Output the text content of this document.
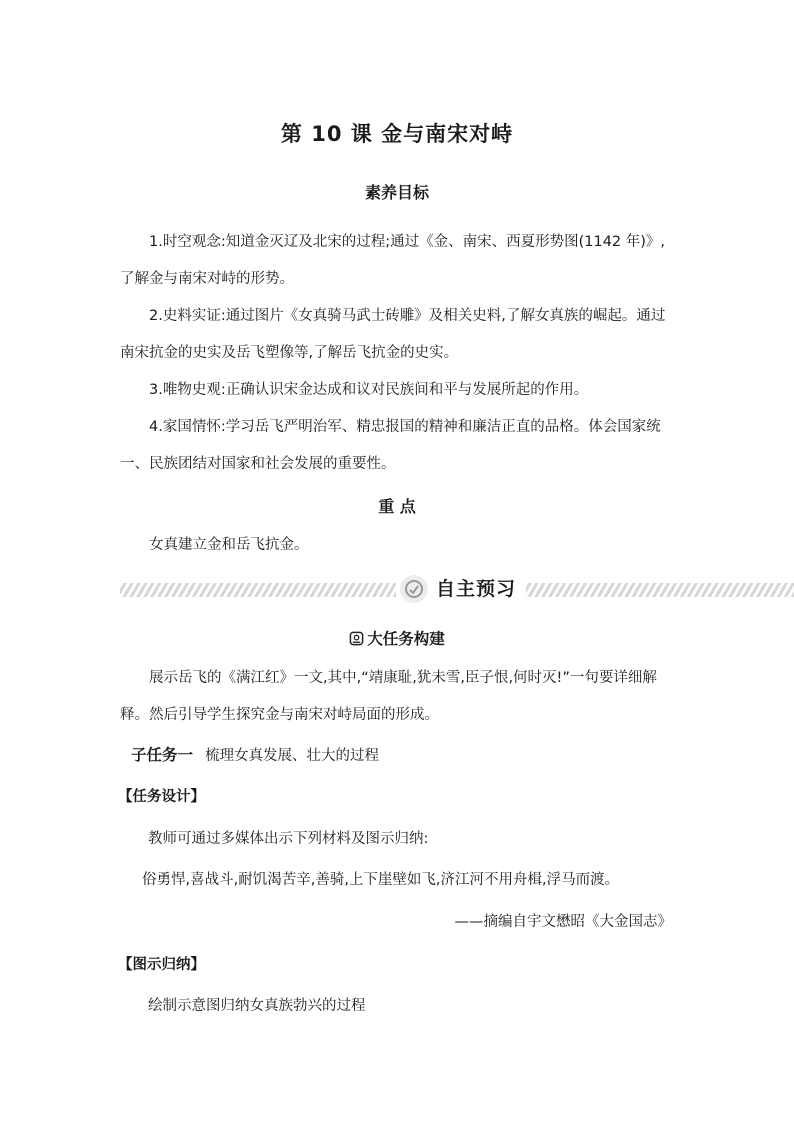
第 10 课 金与南宋对峙
素养目标

1.时空观念:知道金灭辽及北宋的过程;通过《金、南宋、西夏形势图(1142 年)》,了解金与南宋对峙的形势。

2.史料实证:通过图片《女真骑马武士砖雕》及相关史料,了解女真族的崛起。通过南宋抗金的史实及岳飞塑像等,了解岳飞抗金的史实。

3.唯物史观:正确认识宋金达成和议对民族间和平与发展所起的作用。

4.家国情怀:学习岳飞严明治军、精忠报国的精神和廉洁正直的品格。体会国家统一、民族团结对国家和社会发展的重要性。

重 点

女真建立金和岳飞抗金。

自主预习
大任务构建

展示岳飞的《满江红》一文,其中,“靖康耻,犹未雪,臣子恨,何时灭!”一句要详细解释。然后引导学生探究金与南宋对峙局面的形成。

子任务一 梳理女真发展、壮大的过程
【任务设计】
教师可通过多媒体出示下列材料及图示归纳:
俗勇悍,喜战斗,耐饥渴苦辛,善骑,上下崖壁如飞,济江河不用舟楫,浮马而渡。
——摘编自宇文懋昭《大金国志》
【图示归纳】
绘制示意图归纳女真族勃兴的过程
